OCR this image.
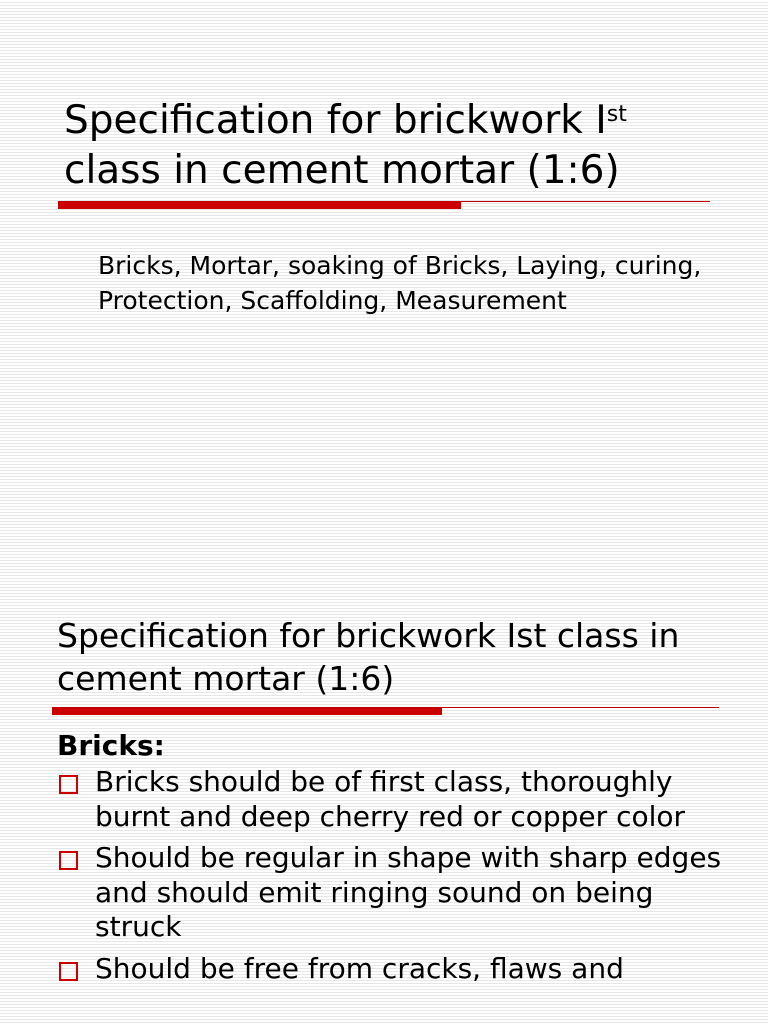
Specification for brickwork Ist class in cement mortar (1:6)

Bricks, Mortar, soaking of Bricks, Laying, curing, Protection, Scaffolding, Measurement

Specification for brickwork Ist class in cement mortar (1:6)
Bricks:
Bricks should be of first class, thoroughly burnt and deep cherry red or copper color
Should be regular in shape with sharp edges and should emit ringing sound on being struck
Should be free from cracks, flaws and
